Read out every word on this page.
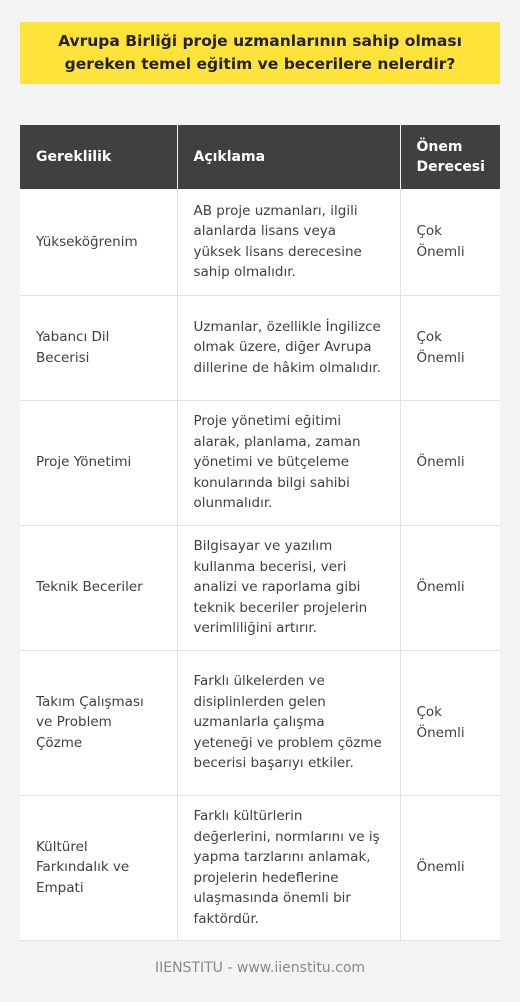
Avrupa Birliği proje uzmanlarının sahip olması gereken temel eğitim ve becerilere nelerdir?
Gereklilik	Açıklama	Önem Derecesi
Yükseköğrenim	AB proje uzmanları, ilgili alanlarda lisans veya yüksek lisans derecesine sahip olmalıdır.	Çok Önemli
Yabancı Dil Becerisi	Uzmanlar, özellikle İngilizce olmak üzere, diğer Avrupa dillerine de hâkim olmalıdır.	Çok Önemli
Proje Yönetimi	Proje yönetimi eğitimi alarak, planlama, zaman yönetimi ve bütçeleme konularında bilgi sahibi olunmalıdır.	Önemli
Teknik Beceriler	Bilgisayar ve yazılım kullanma becerisi, veri analizi ve raporlama gibi teknik beceriler projelerin verimliliğini artırır.	Önemli
Takım Çalışması ve Problem Çözme	Farklı ülkelerden ve disiplinlerden gelen uzmanlarla çalışma yeteneği ve problem çözme becerisi başarıyı etkiler.	Çok Önemli
Kültürel Farkındalık ve Empati	Farklı kültürlerin değerlerini, normlarını ve iş yapma tarzlarını anlamak, projelerin hedeflerine ulaşmasında önemli bir faktördür.	Önemli
IIENSTITU - www.iienstitu.com
